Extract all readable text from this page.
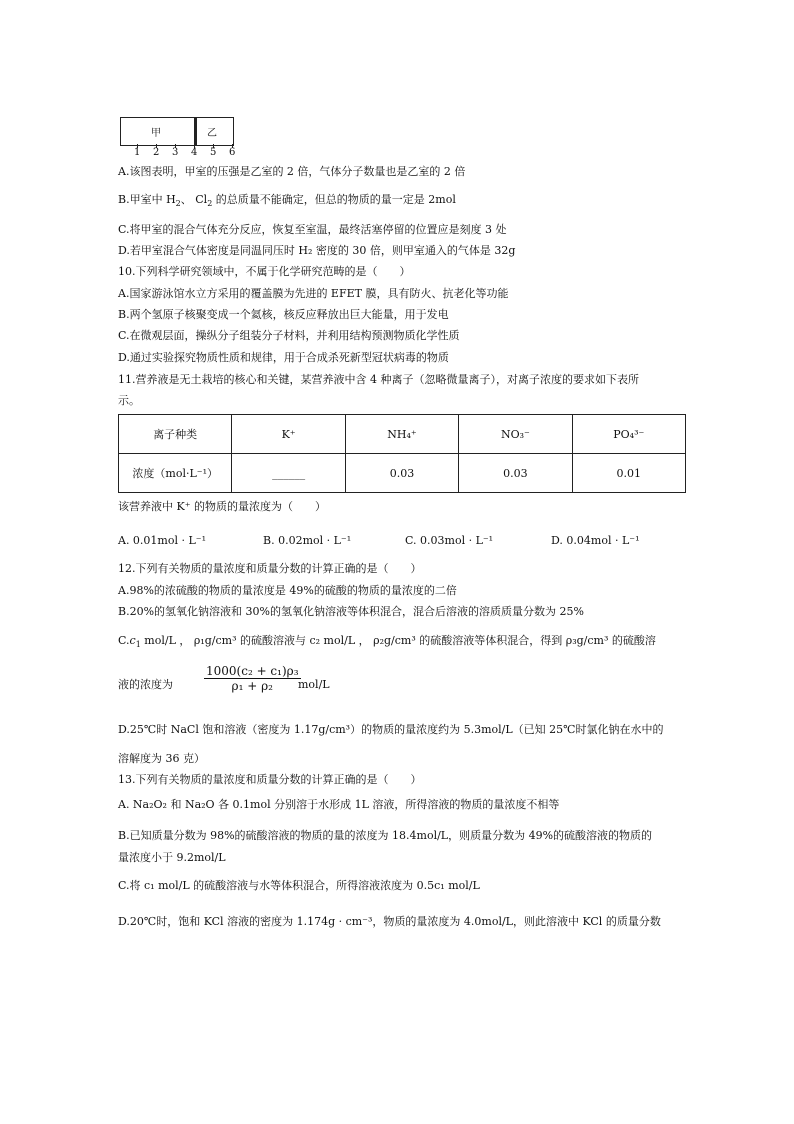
甲	乙
1 2 3 4 5 6
A.该图表明，甲室的压强是乙室的 2 倍，气体分子数量也是乙室的 2 倍
B.甲室中 $H_2$、 $Cl_2$ 的总质量不能确定，但总的物质的量一定是 2mol
C.将甲室的混合气体充分反应，恢复至室温，最终活塞停留的位置应是刻度 3 处
D.若甲室混合气体密度是同温同压时 H₂ 密度的 30 倍，则甲室通入的气体是 32g
10.下列科学研究领域中，不属于化学研究范畴的是（　　）
A.国家游泳馆水立方采用的覆盖膜为先进的 EFET 膜，具有防火、抗老化等功能
B.两个氢原子核聚变成一个氦核，核反应释放出巨大能量，用于发电
C.在微观层面，操纵分子组装分子材料，并利用结构预测物质化学性质
D.通过实验探究物质性质和规律，用于合成杀死新型冠状病毒的物质
11.营养液是无土栽培的核心和关键，某营养液中含 4 种离子（忽略微量离子），对离子浓度的要求如下表所
示。
离子种类	K⁺	NH₄⁺	NO₃⁻	PO₄³⁻
浓度（mol·L⁻¹）	______	0.03	0.03	0.01
该营养液中 K⁺ 的物质的量浓度为（　　）
A. 0.01mol · L⁻¹	B. 0.02mol · L⁻¹	C. 0.03mol · L⁻¹	D. 0.04mol · L⁻¹
12.下列有关物质的量浓度和质量分数的计算正确的是（　　）
A.98%的浓硫酸的物质的量浓度是 49%的硫酸的物质的量浓度的二倍
B.20%的氢氧化钠溶液和 30%的氢氧化钠溶液等体积混合，混合后溶液的溶质质量分数为 25%
$C.c_1$ mol/L ， ρ₁g/cm³ 的硫酸溶液与 c₂ mol/L ， ρ₂g/cm³ 的硫酸溶液等体积混合，得到 ρ₃g/cm³ 的硫酸溶
液的浓度为	$\frac{\text{1000(c₂ + c₁)ρ₃}}{\text{ρ₁ + ρ₂}}$
mol/L
D.25℃时 NaCl 饱和溶液（密度为 1.17g/cm³）的物质的量浓度约为 5.3mol/L（已知 25℃时氯化钠在水中的
溶解度为 36 克）
13.下列有关物质的量浓度和质量分数的计算正确的是（　　）
A. Na₂O₂ 和 Na₂O 各 0.1mol 分别溶于水形成 1L 溶液，所得溶液的物质的量浓度不相等
B.已知质量分数为 98%的硫酸溶液的物质的量的浓度为 18.4mol/L，则质量分数为 49%的硫酸溶液的物质的
量浓度小于 9.2mol/L
C.将 c₁ mol/L 的硫酸溶液与水等体积混合，所得溶液浓度为 0.5c₁ mol/L
D.20℃时，饱和 KCl 溶液的密度为 1.174g · cm⁻³，物质的量浓度为 4.0mol/L，则此溶液中 KCl 的质量分数
